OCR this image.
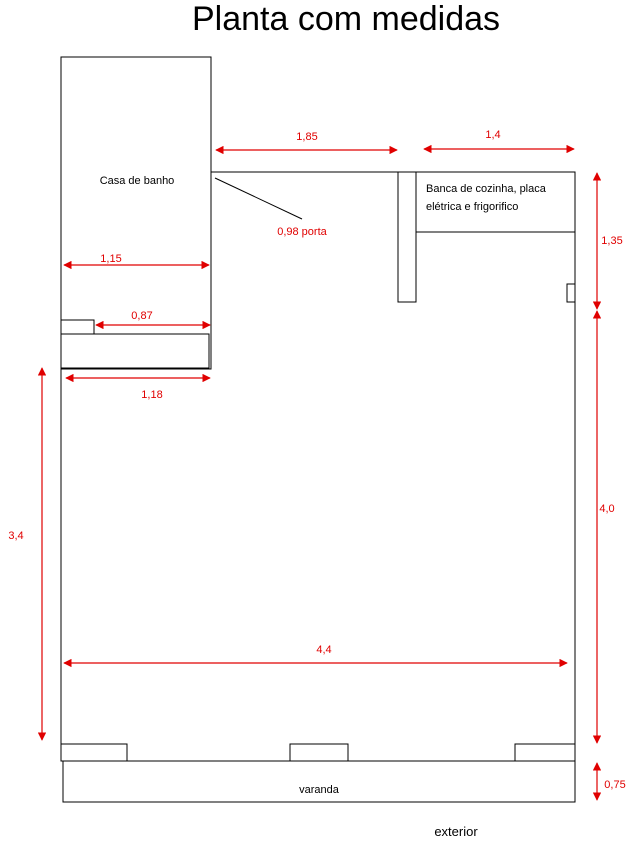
Planta com medidas
Casa de banho
Banca de cozinha, placa
elétrica e frigorifico
varanda
exterior
1,85	1,4
1,35
4,0
0,75
3,4
4,4
1,15
0,87
1,18
0,98 porta
